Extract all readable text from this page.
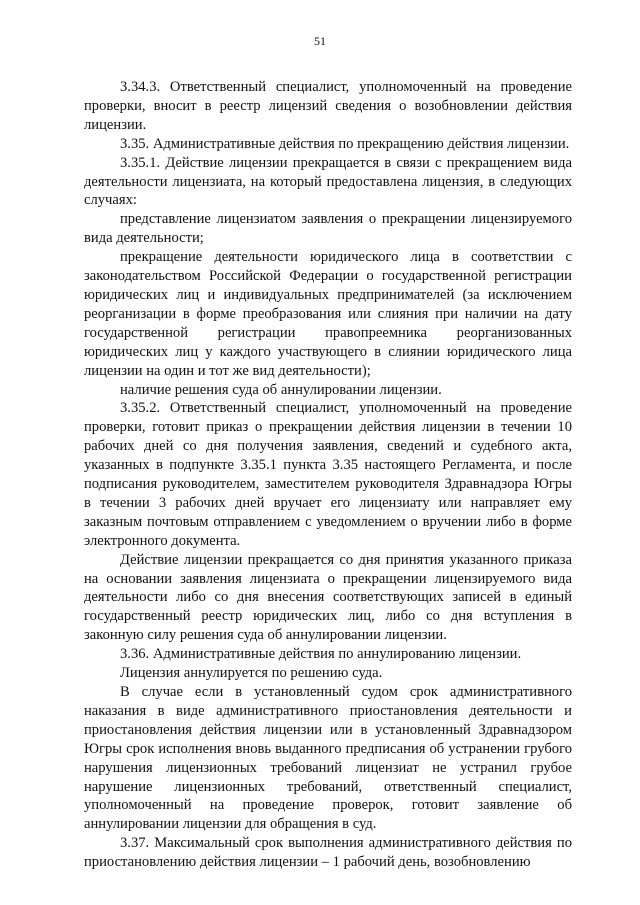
51

3.34.3. Ответственный специалист, уполномоченный на проведение проверки, вносит в реестр лицензий сведения о возобновлении действия лицензии.

3.35. Административные действия по прекращению действия лицензии.

3.35.1. Действие лицензии прекращается в связи с прекращением вида деятельности лицензиата, на который предоставлена лицензия, в следующих случаях:

представление лицензиатом заявления о прекращении лицензируемого вида деятельности;

прекращение деятельности юридического лица в соответствии с законодательством Российской Федерации о государственной регистрации юридических лиц и индивидуальных предпринимателей (за исключением реорганизации в форме преобразования или слияния при наличии на дату государственной регистрации правопреемника реорганизованных юридических лиц у каждого участвующего в слиянии юридического лица лицензии на один и тот же вид деятельности);

наличие решения суда об аннулировании лицензии.

3.35.2. Ответственный специалист, уполномоченный на проведение проверки, готовит приказ о прекращении действия лицензии в течении 10 рабочих дней со дня получения заявления, сведений и судебного акта, указанных в подпункте 3.35.1 пункта 3.35 настоящего Регламента, и после подписания руководителем, заместителем руководителя Здравнадзора Югры в течении 3 рабочих дней вручает его лицензиату или направляет ему заказным почтовым отправлением с уведомлением о вручении либо в форме электронного документа.

Действие лицензии прекращается со дня принятия указанного приказа на основании заявления лицензиата о прекращении лицензируемого вида деятельности либо со дня внесения соответствующих записей в единый государственный реестр юридических лиц, либо со дня вступления в законную силу решения суда об аннулировании лицензии.

3.36. Административные действия по аннулированию лицензии.

Лицензия аннулируется по решению суда.

В случае если в установленный судом срок административного наказания в виде административного приостановления деятельности и приостановления действия лицензии или в установленный Здравнадзором Югры срок исполнения вновь выданного предписания об устранении грубого нарушения лицензионных требований лицензиат не устранил грубое нарушение лицензионных требований, ответственный специалист, уполномоченный на проведение проверок, готовит заявление об аннулировании лицензии для обращения в суд.

3.37. Максимальный срок выполнения административного действия по приостановлению действия лицензии – 1 рабочий день, возобновлению
